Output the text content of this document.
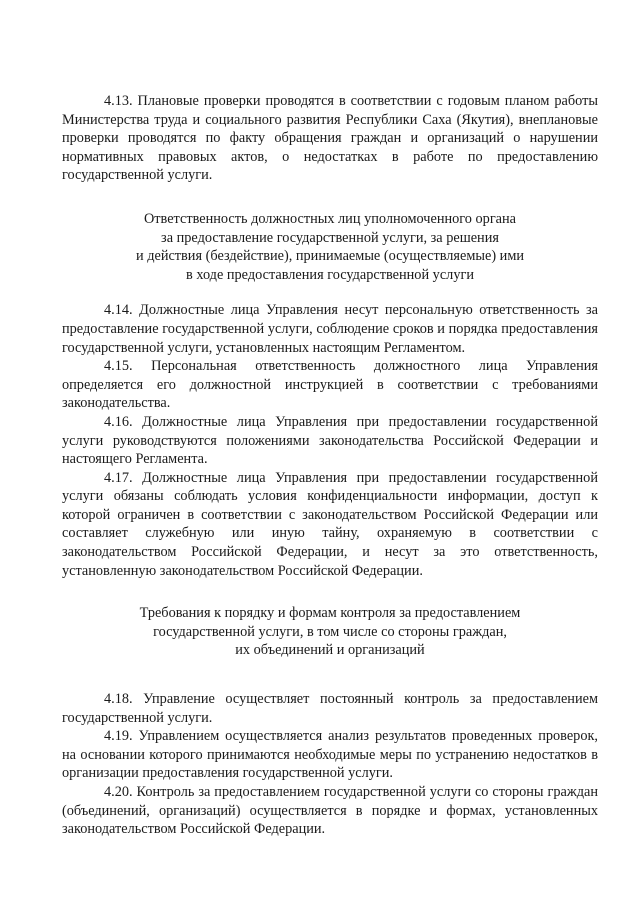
4.13. Плановые проверки проводятся в соответствии с годовым планом работы Министерства труда и социального развития Республики Саха (Якутия), внеплановые проверки проводятся по факту обращения граждан и организаций о нарушении нормативных правовых актов, о недостатках в работе по предоставлению государственной услуги.

Ответственность должностных лиц уполномоченного органа
за предоставление государственной услуги, за решения
и действия (бездействие), принимаемые (осуществляемые) ими
в ходе предоставления государственной услуги

4.14. Должностные лица Управления несут персональную ответственность за предоставление государственной услуги, соблюдение сроков и порядка предоставления государственной услуги, установленных настоящим Регламентом.

4.15. Персональная ответственность должностного лица Управления определяется его должностной инструкцией в соответствии с требованиями законодательства.

4.16. Должностные лица Управления при предоставлении государственной услуги руководствуются положениями законодательства Российской Федерации и настоящего Регламента.

4.17. Должностные лица Управления при предоставлении государственной услуги обязаны соблюдать условия конфиденциальности информации, доступ к которой ограничен в соответствии с законодательством Российской Федерации или составляет служебную или иную тайну, охраняемую в соответствии с законодательством Российской Федерации, и несут за это ответственность, установленную законодательством Российской Федерации.

Требования к порядку и формам контроля за предоставлением
государственной услуги, в том числе со стороны граждан,
их объединений и организаций

4.18. Управление осуществляет постоянный контроль за предоставлением государственной услуги.

4.19. Управлением осуществляется анализ результатов проведенных проверок, на основании которого принимаются необходимые меры по устранению недостатков в организации предоставления государственной услуги.

4.20. Контроль за предоставлением государственной услуги со стороны граждан (объединений, организаций) осуществляется в порядке и формах, установленных законодательством Российской Федерации.
